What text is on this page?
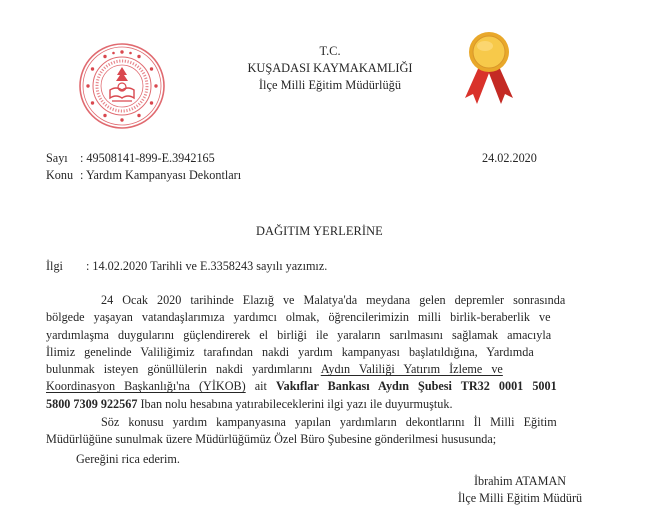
T.C.
KUŞADASI KAYMAKAMLIĞI
İlçe Milli Eğitim Müdürlüğü
Sayı : 49508141-899-E.3942165
Konu : Yardım Kampanyası Dekontları
24.02.2020
DAĞITIM YERLERİNE
İlgi : 14.02.2020 Tarihli ve E.3358243 sayılı yazımız.
24 Ocak 2020 tarihinde Elazığ ve Malatya'da meydana gelen depremler sonrasında
bölgede yaşayan vatandaşlarımıza yardımcı olmak, öğrencilerimizin milli birlik-beraberlik ve
yardımlaşma duygularını güçlendirerek el birliği ile yaraların sarılmasını sağlamak amacıyla
İlimiz genelinde Valiliğimiz tarafından nakdi yardım kampanyası başlatıldığına, Yardımda
bulunmak isteyen gönüllülerin nakdi yardımlarını Aydın Valiliği Yatırım İzleme ve
Koordinasyon Başkanlığı'na (YİKOB) ait Vakıflar Bankası Aydın Şubesi TR32 0001 5001
5800 7309 922567 Iban nolu hesabına yatırabileceklerini ilgi yazı ile duyurmuştuk.
Söz konusu yardım kampanyasına yapılan yardımların dekontlarını İl Milli Eğitim
Müdürlüğüne sunulmak üzere Müdürlüğümüz Özel Büro Şubesine gönderilmesi hususunda;
Gereğini rica ederim.
İbrahim ATAMAN
İlçe Milli Eğitim Müdürü
